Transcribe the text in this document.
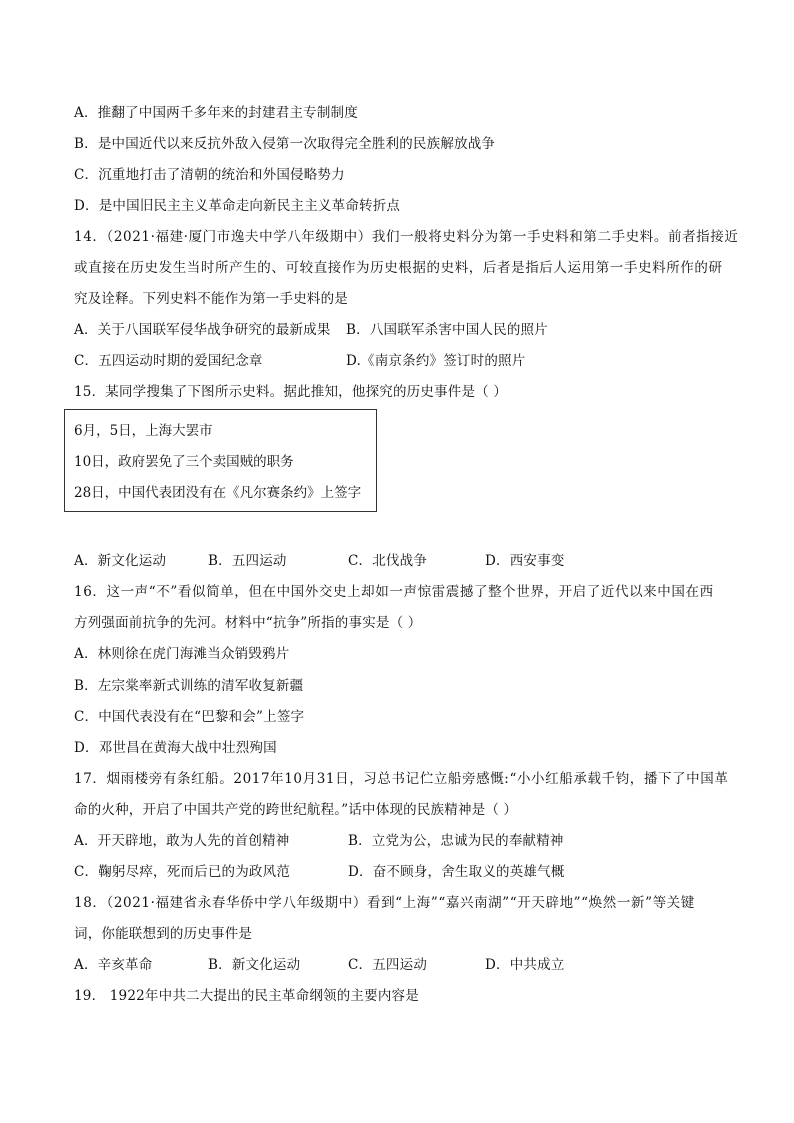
A．推翻了中国两千多年来的封建君主专制制度
B．是中国近代以来反抗外敌入侵第一次取得完全胜利的民族解放战争
C．沉重地打击了清朝的统治和外国侵略势力
D．是中国旧民主主义革命走向新民主主义革命转折点
14．（2021·福建·厦门市逸夫中学八年级期中）我们一般将史料分为第一手史料和第二手史料。前者指接近
或直接在历史发生当时所产生的、可较直接作为历史根据的史料，后者是指后人运用第一手史料所作的研
究及诠释。下列史料不能作为第一手史料的是
A．关于八国联军侵华战争研究的最新成果 B．八国联军杀害中国人民的照片
C．五四运动时期的爱国纪念章	D.《南京条约》签订时的照片
15．某同学搜集了下图所示史料。据此推知，他探究的历史事件是（ ）
6月，5日，上海大罢市
10日，政府罢免了三个卖国贼的职务
28日，中国代表团没有在《凡尔赛条约》上签字
A．新文化运动	B．五四运动	C．北伐战争	D．西安事变
16．这一声“不”看似简单，但在中国外交史上却如一声惊雷震撼了整个世界，开启了近代以来中国在西
方列强面前抗争的先河。材料中“抗争”所指的事实是（ ）
A．林则徐在虎门海滩当众销毁鸦片
B．左宗棠率新式训练的清军收复新疆
C．中国代表没有在“巴黎和会”上签字
D．邓世昌在黄海大战中壮烈殉国
17．烟雨楼旁有条红船。2017年10月31日，习总书记伫立船旁感慨:“小小红船承载千钧，播下了中国革
命的火种，开启了中国共产党的跨世纪航程。”话中体现的民族精神是（ ）
A．开天辟地，敢为人先的首创精神	B．立党为公，忠诚为民的奉献精神
C．鞠躬尽瘁，死而后已的为政风范	D．奋不顾身，舍生取义的英雄气概
18．（2021·福建省永春华侨中学八年级期中）看到“上海”“嘉兴南湖”“开天辟地”“焕然一新”等关键
词，你能联想到的历史事件是
A．辛亥革命	B．新文化运动	C．五四运动	D．中共成立
19． 1922年中共二大提出的民主革命纲领的主要内容是
